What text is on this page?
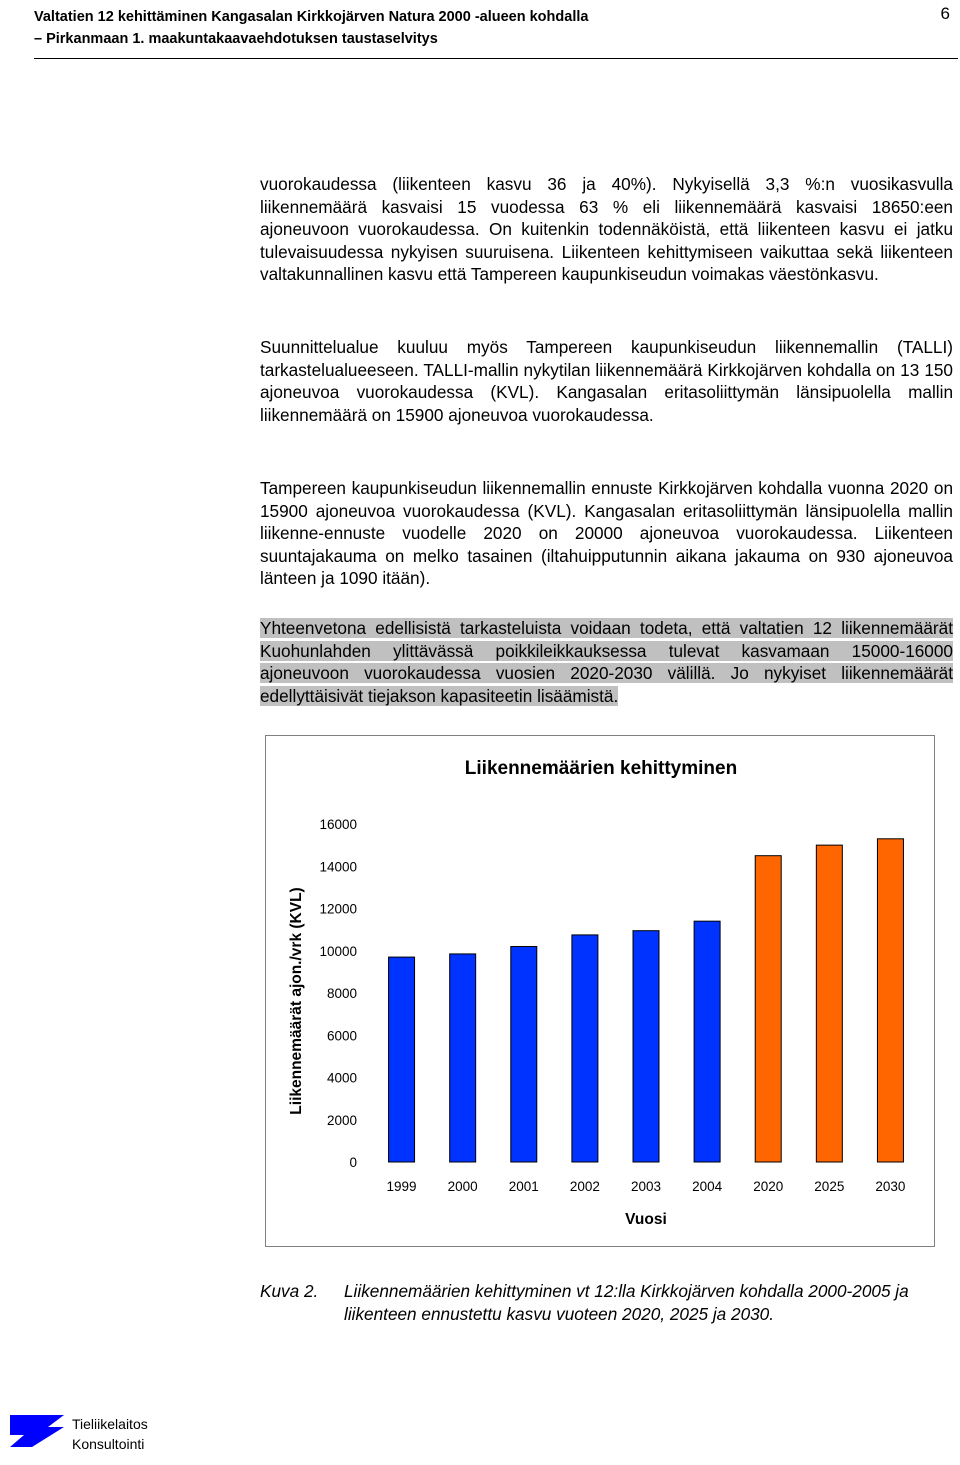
Valtatien 12 kehittäminen Kangasalan Kirkkojärven Natura 2000 -alueen kohdalla
– Pirkanmaan 1. maakuntakaavaehdotuksen taustaselvitys
6

vuorokaudessa (liikenteen kasvu 36 ja 40%). Nykyisellä 3,3 %:n vuosikasvulla liikennemäärä kasvaisi 15 vuodessa 63 % eli liikennemäärä kasvaisi 18650:een ajoneuvoon vuorokaudessa. On kuitenkin todennäköistä, että liikenteen kasvu ei jatku tulevaisuudessa nykyisen suuruisena. Liikenteen kehittymiseen vaikuttaa sekä liikenteen valtakunnallinen kasvu että Tampereen kaupunkiseudun voimakas väestönkasvu.

Suunnittelualue kuuluu myös Tampereen kaupunkiseudun liikennemallin (TALLI) tarkastelualueeseen. TALLI-mallin nykytilan liikennemäärä Kirkkojärven kohdalla on 13 150 ajoneuvoa vuorokaudessa (KVL). Kangasalan eritasoliittymän länsipuolella mallin liikennemäärä on 15900 ajoneuvoa vuorokaudessa.

Tampereen kaupunkiseudun liikennemallin ennuste Kirkkojärven kohdalla vuonna 2020 on 15900 ajoneuvoa vuorokaudessa (KVL). Kangasalan eritasoliittymän länsipuolella mallin liikenne-ennuste vuodelle 2020 on 20000 ajoneuvoa vuorokaudessa. Liikenteen suuntajakauma on melko tasainen (iltahuipputunnin aikana jakauma on 930 ajoneuvoa länteen ja 1090 itään).

Yhteenvetona edellisistä tarkasteluista voidaan todeta, että valtatien 12 liikennemäärät Kuohunlahden ylittävässä poikkileikkauksessa tulevat kasvamaan 15000-16000 ajoneuvoon vuorokaudessa vuosien 2020-2030 välillä. Jo nykyiset liikennemäärät edellyttäisivät tiejakson kapasiteetin lisäämistä.

Liikennemäärien kehittyminen
Liikennemäärät ajon./vrk (KVL)
Vuosi
0
2000
4000
6000
8000
10000
12000
14000
16000
1999 2000 2001 2002 2003 2004 2020 2025 2030
Kuva 2. Liikennemäärien kehittyminen vt 12:lla Kirkkojärven kohdalla 2000-2005 ja liikenteen ennustettu kasvu vuoteen 2020, 2025 ja 2030.
Tieliikelaitos
Konsultointi
